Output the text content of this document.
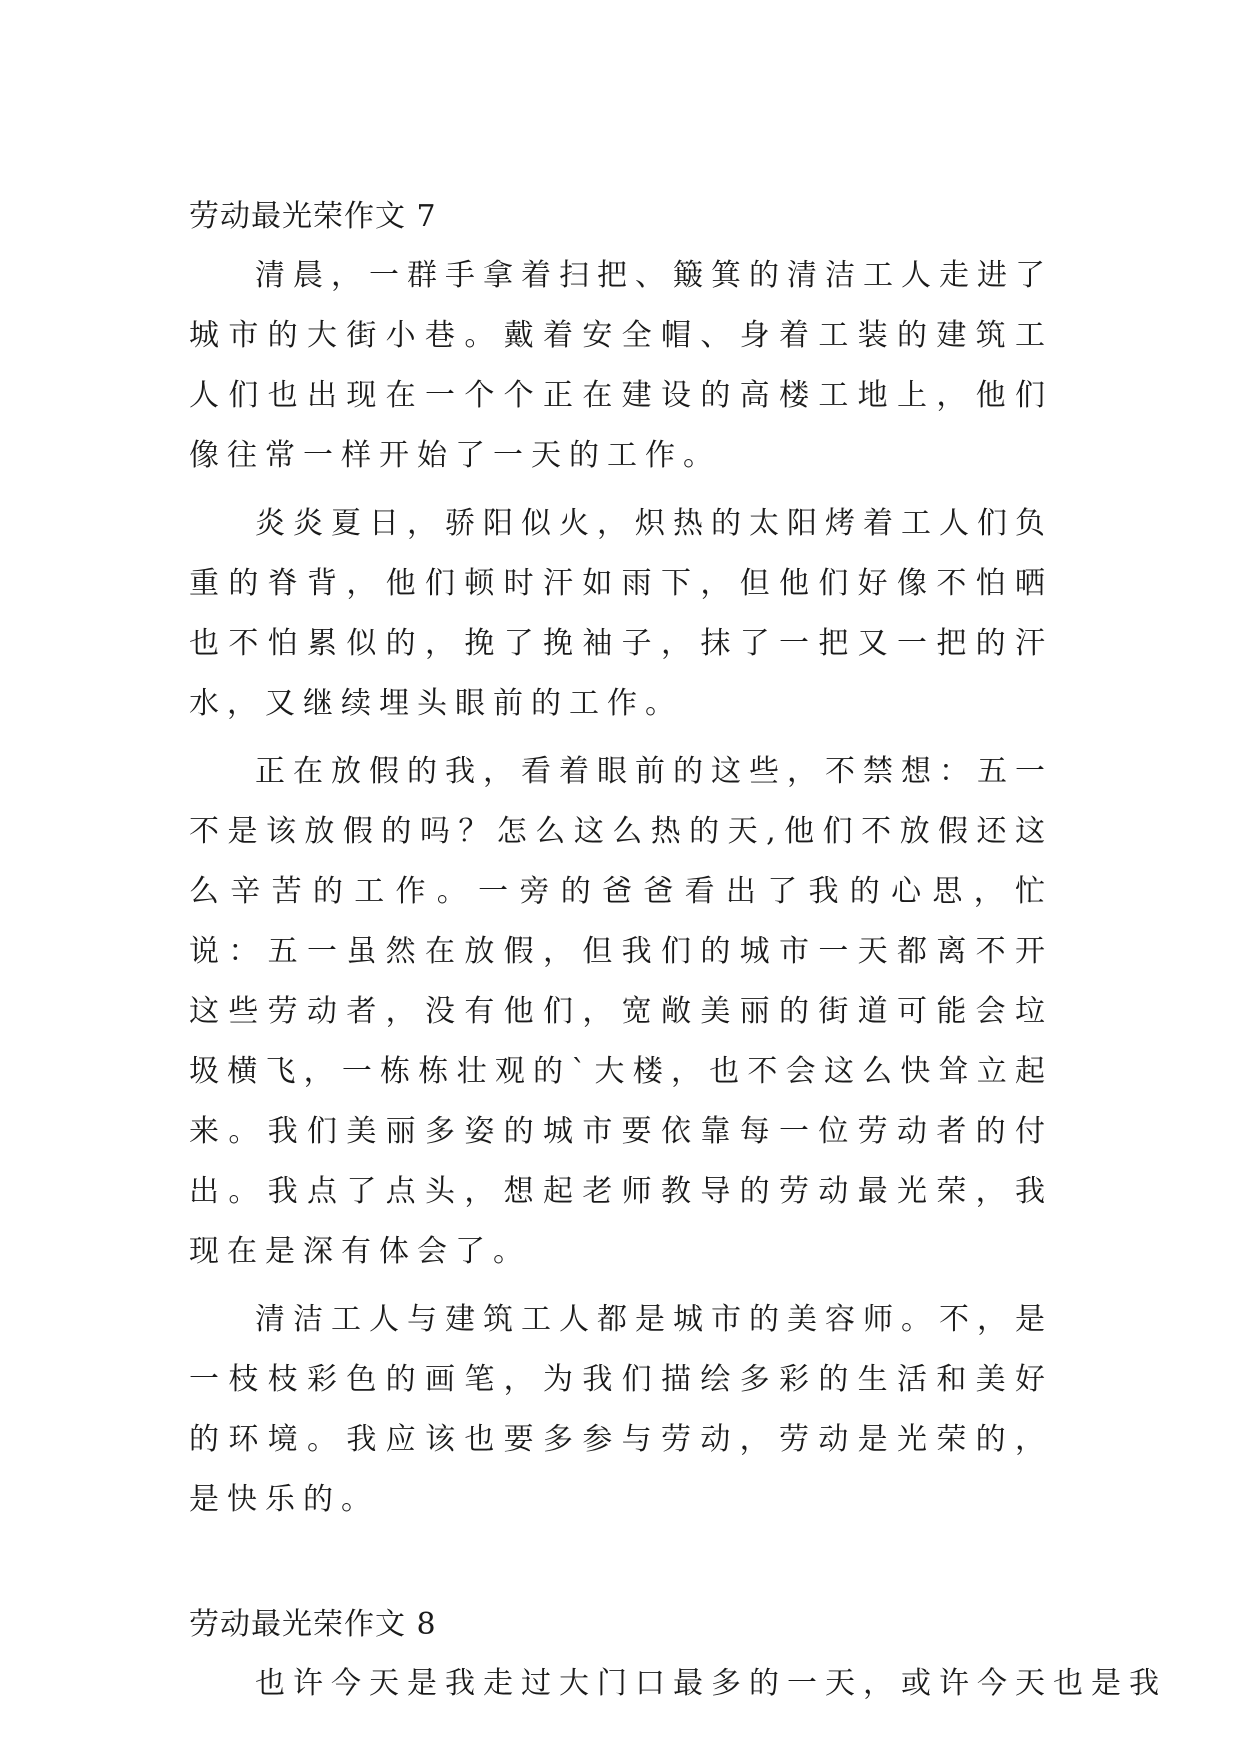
劳动最光荣作文 7

清晨，一群手拿着扫把、簸箕的清洁工人走进了城市的大街小巷。戴着安全帽、身着工装的建筑工人们也出现在一个个正在建设的高楼工地上，他们像往常一样开始了一天的工作。

炎炎夏日，骄阳似火，炽热的太阳烤着工人们负重的脊背，他们顿时汗如雨下，但他们好像不怕晒也不怕累似的，挽了挽袖子，抹了一把又一把的汗水，又继续埋头眼前的工作。

正在放假的我，看着眼前的这些，不禁想：五一不是该放假的吗？怎么这么热的天,他们不放假还这么辛苦的工作。一旁的爸爸看出了我的心思，忙说：五一虽然在放假，但我们的城市一天都离不开这些劳动者，没有他们，宽敞美丽的街道可能会垃圾横飞，一栋栋壮观的`大楼，也不会这么快耸立起来。我们美丽多姿的城市要依靠每一位劳动者的付出。我点了点头，想起老师教导的劳动最光荣，我现在是深有体会了。

清洁工人与建筑工人都是城市的美容师。不，是一枝枝彩色的画笔，为我们描绘多彩的生活和美好的环境。我应该也要多参与劳动，劳动是光荣的，是快乐的。

劳动最光荣作文 8

也许今天是我走过大门口最多的一天，或许今天也是我
